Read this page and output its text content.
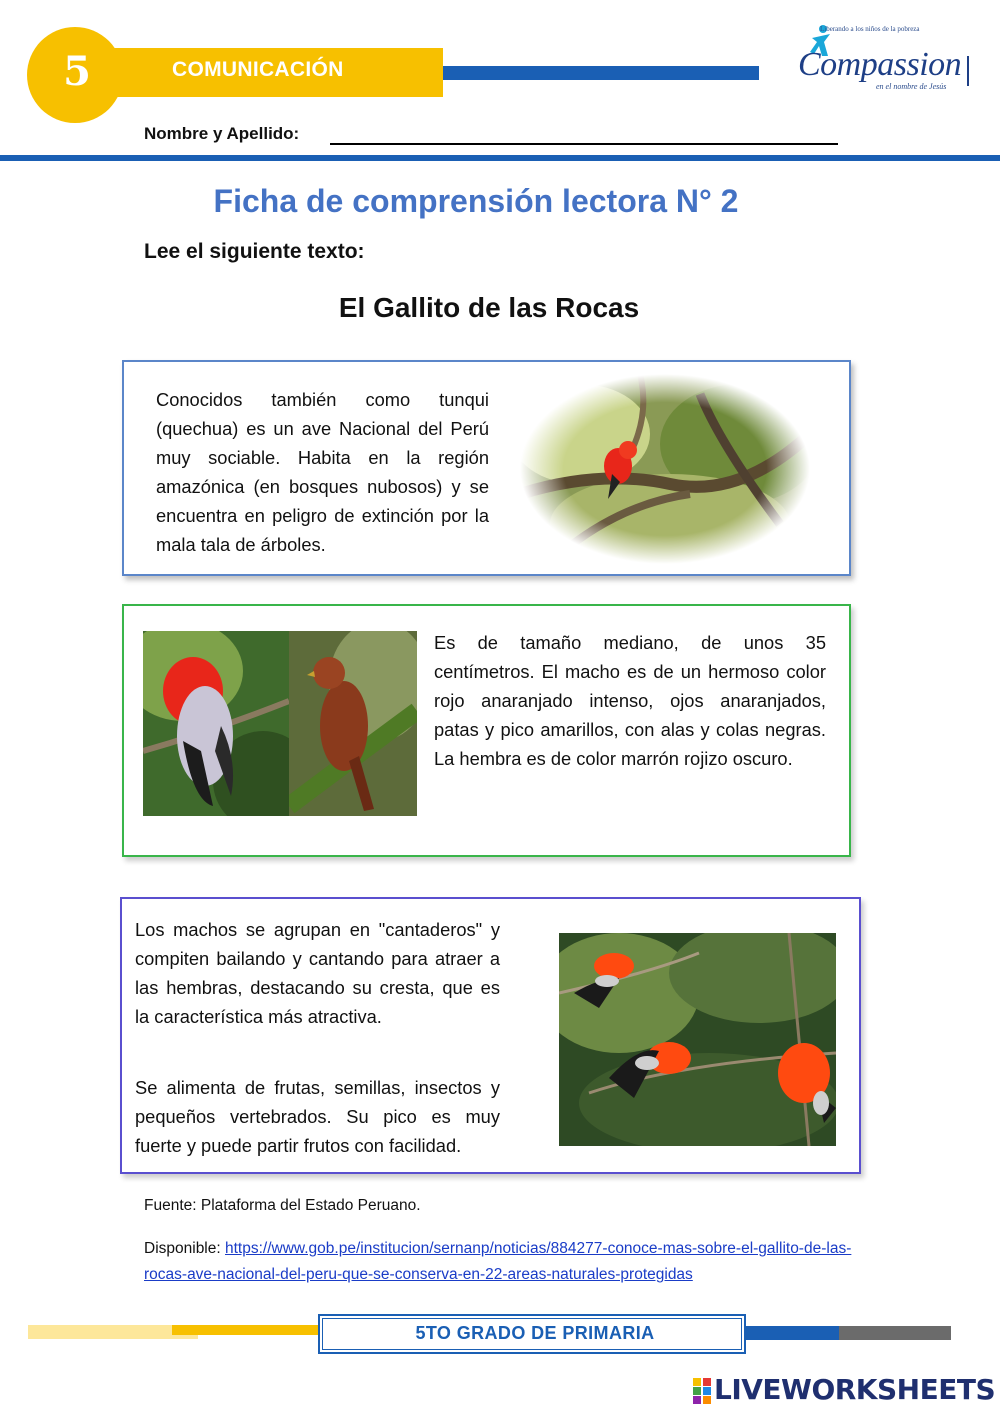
5	COMUNICACIÓN
Liberando a los niños de la pobreza
Compassion
en el nombre de Jesús
Nombre y Apellido:
Ficha de comprensión lectora N° 2
Lee el siguiente texto:
El Gallito de las Rocas
Conocidos también como tunqui (quechua) es un ave Nacional del Perú muy sociable. Habita en la región amazónica (en bosques nubosos) y se encuentra en peligro de extinción por la mala tala de árboles.
Es de tamaño mediano, de unos 35 centímetros. El macho es de un hermoso color rojo anaranjado intenso, ojos anaranjados, patas y pico amarillos, con alas y colas negras. La hembra es de color marrón rojizo oscuro.
Los machos se agrupan en "cantaderos" y compiten bailando y cantando para atraer a las hembras, destacando su cresta, que es la característica más atractiva.
Se alimenta de frutas, semillas, insectos y pequeños vertebrados. Su pico es muy fuerte y puede partir frutos con facilidad.
Fuente: Plataforma del Estado Peruano.
Disponible: https://www.gob.pe/institucion/sernanp/noticias/884277-conoce-mas-sobre-el-gallito-de-las-rocas-ave-nacional-del-peru-que-se-conserva-en-22-areas-naturales-protegidas
5TO GRADO DE PRIMARIA
LIVEWORKSHEETS
